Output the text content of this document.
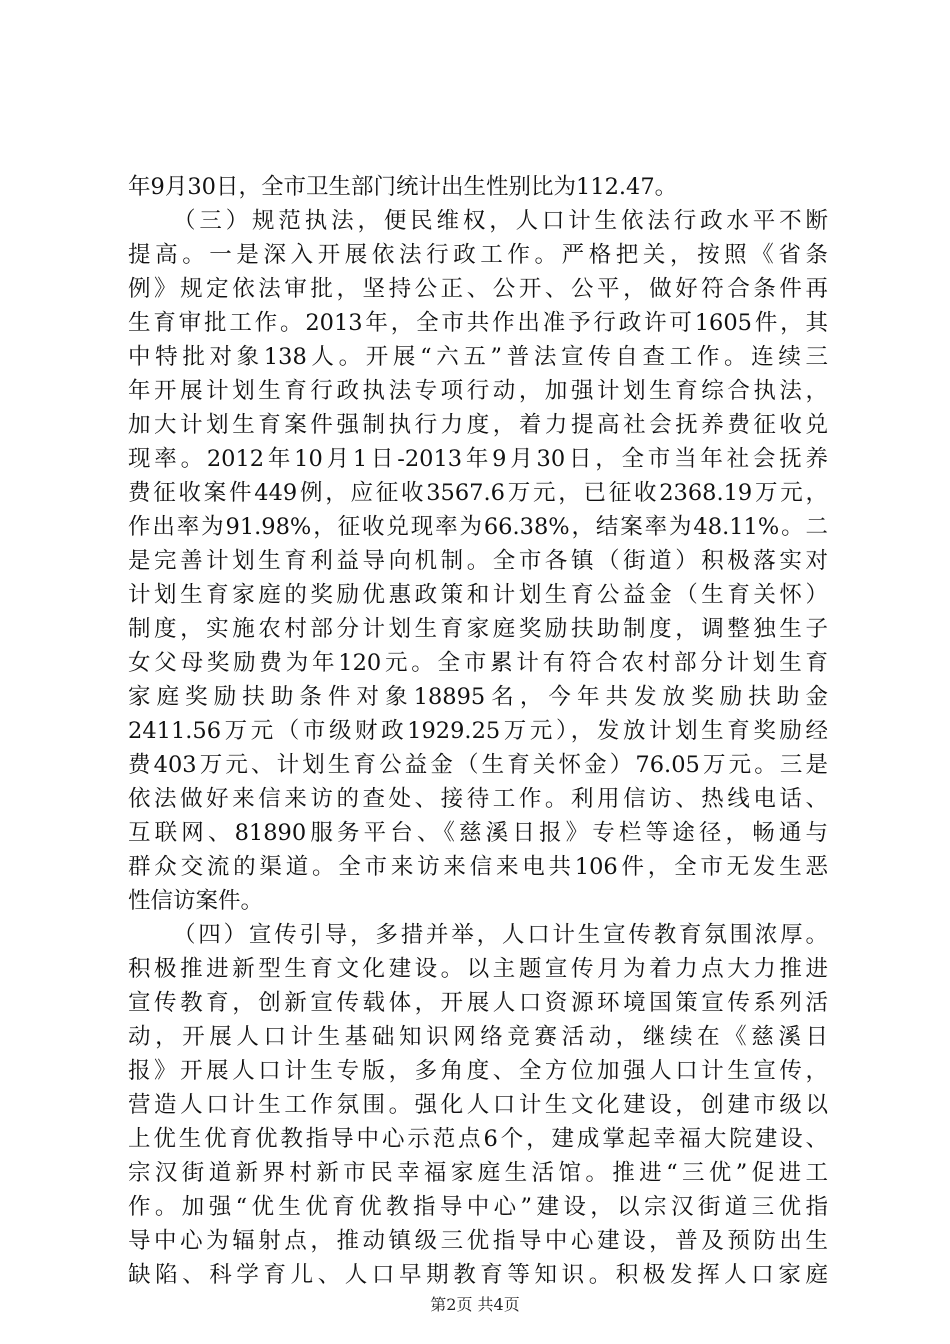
年9月30日，全市卫生部门统计出生性别比为112.47。
（三）规范执法，便民维权，人口计生依法行政水平不断
提高。一是深入开展依法行政工作。严格把关，按照《省条
例》规定依法审批，坚持公正、公开、公平，做好符合条件再
生育审批工作。2013年，全市共作出准予行政许可1605件，其
中特批对象138人。开展“六五”普法宣传自查工作。连续三
年开展计划生育行政执法专项行动，加强计划生育综合执法，
加大计划生育案件强制执行力度，着力提高社会抚养费征收兑
现率。2012年10月1日-2013年9月30日，全市当年社会抚养
费征收案件449例，应征收3567.6万元，已征收2368.19万元，
作出率为91.98%，征收兑现率为66.38%，结案率为48.11%。二
是完善计划生育利益导向机制。全市各镇（街道）积极落实对
计划生育家庭的奖励优惠政策和计划生育公益金（生育关怀）
制度，实施农村部分计划生育家庭奖励扶助制度，调整独生子
女父母奖励费为年120元。全市累计有符合农村部分计划生育
家庭奖励扶助条件对象18895名，今年共发放奖励扶助金
2411.56万元（市级财政1929.25万元），发放计划生育奖励经
费403万元、计划生育公益金（生育关怀金）76.05万元。三是
依法做好来信来访的查处、接待工作。利用信访、热线电话、
互联网、81890服务平台、《慈溪日报》专栏等途径，畅通与
群众交流的渠道。全市来访来信来电共106件，全市无发生恶
性信访案件。
（四）宣传引导，多措并举，人口计生宣传教育氛围浓厚。
积极推进新型生育文化建设。以主题宣传月为着力点大力推进
宣传教育，创新宣传载体，开展人口资源环境国策宣传系列活
动，开展人口计生基础知识网络竞赛活动，继续在《慈溪日
报》开展人口计生专版，多角度、全方位加强人口计生宣传，
营造人口计生工作氛围。强化人口计生文化建设，创建市级以
上优生优育优教指导中心示范点6个，建成掌起幸福大院建设、
宗汉街道新界村新市民幸福家庭生活馆。推进“三优”促进工
作。加强“优生优育优教指导中心”建设，以宗汉街道三优指
导中心为辐射点，推动镇级三优指导中心建设，普及预防出生
缺陷、科学育儿、人口早期教育等知识。积极发挥人口家庭
第2页 共4页
